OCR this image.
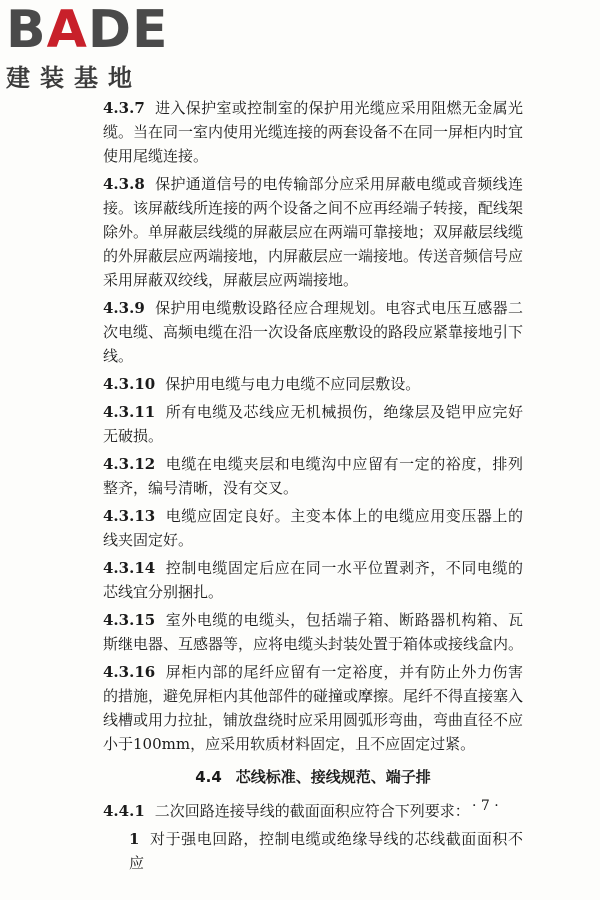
BADE
建装基地

4.3.7 进入保护室或控制室的保护用光缆应采用阻燃无金属光缆。当在同一室内使用光缆连接的两套设备不在同一屏柜内时宜使用尾缆连接。

4.3.8 保护通道信号的电传输部分应采用屏蔽电缆或音频线连接。该屏蔽线所连接的两个设备之间不应再经端子转接，配线架除外。单屏蔽层线缆的屏蔽层应在两端可靠接地；双屏蔽层线缆的外屏蔽层应两端接地，内屏蔽层应一端接地。传送音频信号应采用屏蔽双绞线，屏蔽层应两端接地。

4.3.9 保护用电缆敷设路径应合理规划。电容式电压互感器二次电缆、高频电缆在沿一次设备底座敷设的路段应紧靠接地引下线。

4.3.10 保护用电缆与电力电缆不应同层敷设。

4.3.11 所有电缆及芯线应无机械损伤，绝缘层及铠甲应完好无破损。

4.3.12 电缆在电缆夹层和电缆沟中应留有一定的裕度，排列整齐，编号清晰，没有交叉。

4.3.13 电缆应固定良好。主变本体上的电缆应用变压器上的线夹固定好。

4.3.14 控制电缆固定后应在同一水平位置剥齐，不同电缆的芯线宜分别捆扎。

4.3.15 室外电缆的电缆头，包括端子箱、断路器机构箱、瓦斯继电器、互感器等，应将电缆头封装处置于箱体或接线盒内。

4.3.16 屏柜内部的尾纤应留有一定裕度，并有防止外力伤害的措施，避免屏柜内其他部件的碰撞或摩擦。尾纤不得直接塞入线槽或用力拉扯，铺放盘绕时应采用圆弧形弯曲，弯曲直径不应小于100mm，应采用软质材料固定，且不应固定过紧。

4.4 芯线标准、接线规范、端子排

4.4.1 二次回路连接导线的截面面积应符合下列要求：

1 对于强电回路，控制电缆或绝缘导线的芯线截面面积不应

· 7 ·
